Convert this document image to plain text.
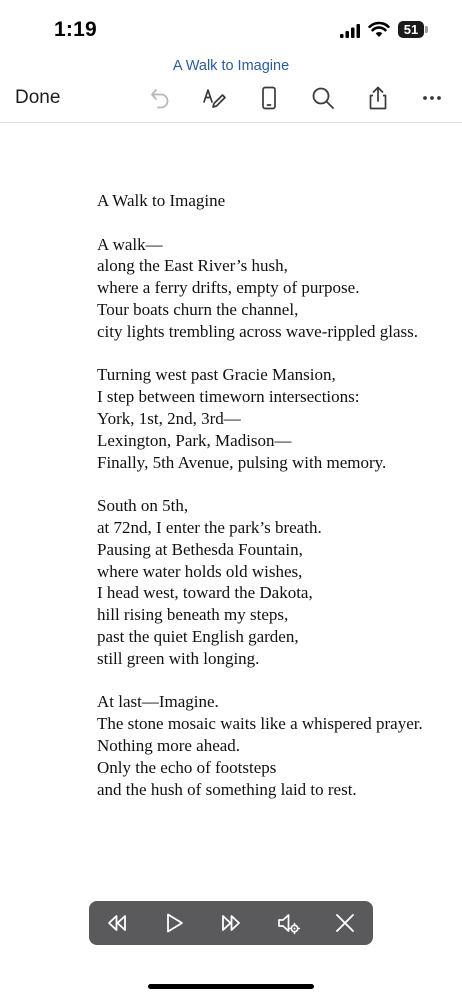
1:19	51
A Walk to Imagine
Done
A Walk to Imagine
A walk—
along the East River’s hush,
where a ferry drifts, empty of purpose.
Tour boats churn the channel,
city lights trembling across wave-rippled glass.
Turning west past Gracie Mansion,
I step between timeworn intersections:
York, 1st, 2nd, 3rd—
Lexington, Park, Madison—
Finally, 5th Avenue, pulsing with memory.
South on 5th,
at 72nd, I enter the park’s breath.
Pausing at Bethesda Fountain,
where water holds old wishes,
I head west, toward the Dakota,
hill rising beneath my steps,
past the quiet English garden,
still green with longing.
At last—Imagine.
The stone mosaic waits like a whispered prayer.
Nothing more ahead.
Only the echo of footsteps
and the hush of something laid to rest.
